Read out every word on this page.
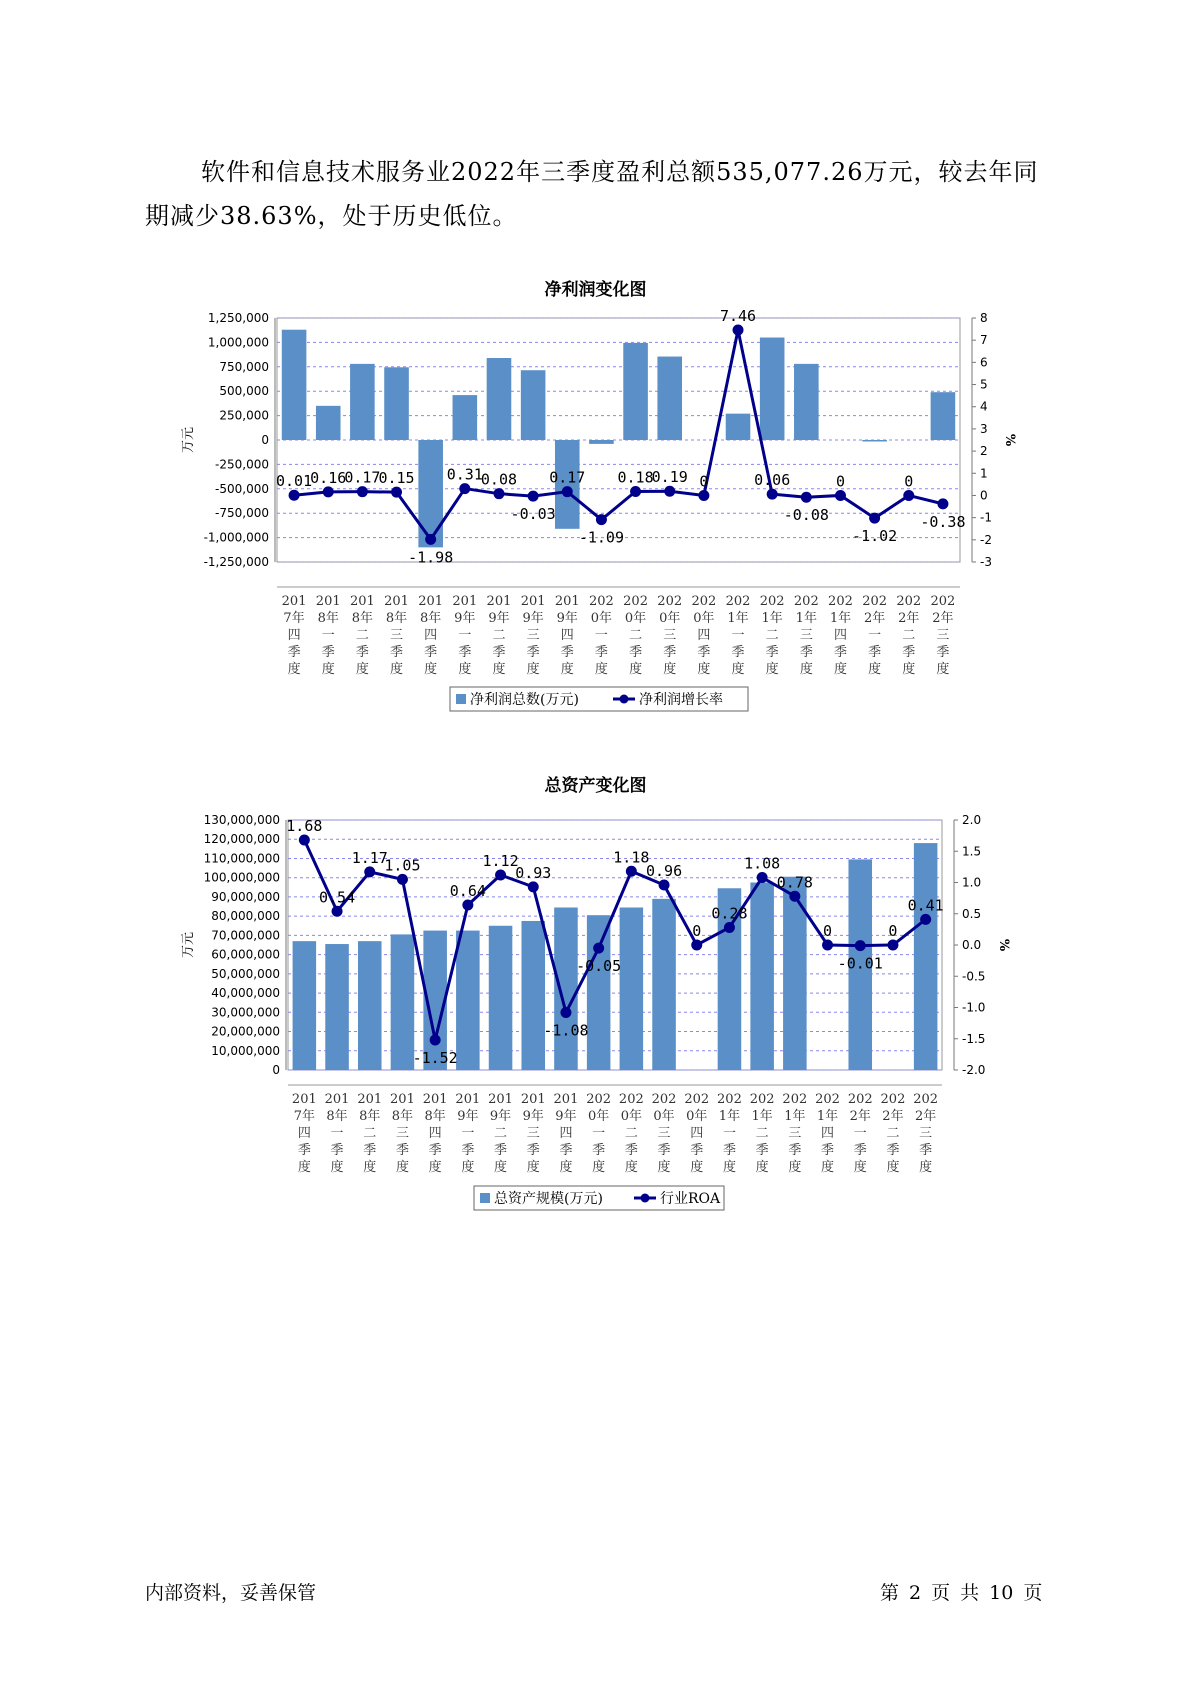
软件和信息技术服务业2022年三季度盈利总额535,077.26万元，较去年同期减少38.63%，处于历史低位。

净利润变化图
-1,250,000
-1,000,000
-750,000
-500,000
-250,000
0
250,000
500,000
750,000
1,000,000
1,250,000
万元
-3
-2
-1
0
1
2
3
4
5
6
7
8
%
0.01
0.16
0.17
0.15
-1.98
0.31
0.08
-0.03
0.17
-1.09
0.18
0.19 0
7.46
0.06
-0.08
0
-1.02
0
-0.38
201 7年四季度
201 8年一季度
201 8年二季度
201 8年三季度
201 8年四季度
201 9年一季度
201 9年二季度
201 9年三季度
201 9年四季度
202 0年一季度
202 0年二季度
202 0年三季度
202 0年四季度
202 1年一季度
202 1年二季度
202 1年三季度
202 1年四季度
202 2年一季度
202 2年二季度
202 2年三季度
净利润总数(万元)	净利润增长率
总资产变化图
0
10,000,000
20,000,000
30,000,000
40,000,000
50,000,000
60,000,000
70,000,000
80,000,000
90,000,000
100,000,000
110,000,000
120,000,000
130,000,000
万元
-2.0
-1.5
-1.0
-0.5
0.0
0.5
1.0
1.5
2.0
%
1.68
0.54
1.17
1.05
-1.52
0.64
1.12
0.93
-1.08
-0.05
1.18
0.96
0
0.28
1.08
0.78
0
-0.01
0
0.41
201 7年四季度
201 8年一季度
201 8年二季度
201 8年三季度
201 8年四季度
201 9年一季度
201 9年二季度
201 9年三季度
201 9年四季度
202 0年一季度
202 0年二季度
202 0年三季度
202 0年四季度
202 1年一季度
202 1年二季度
202 1年三季度
202 1年四季度
202 2年一季度
202 2年二季度
202 2年三季度
总资产规模(万元)	行业ROA
内部资料，妥善保管	第 2 页 共 10 页
